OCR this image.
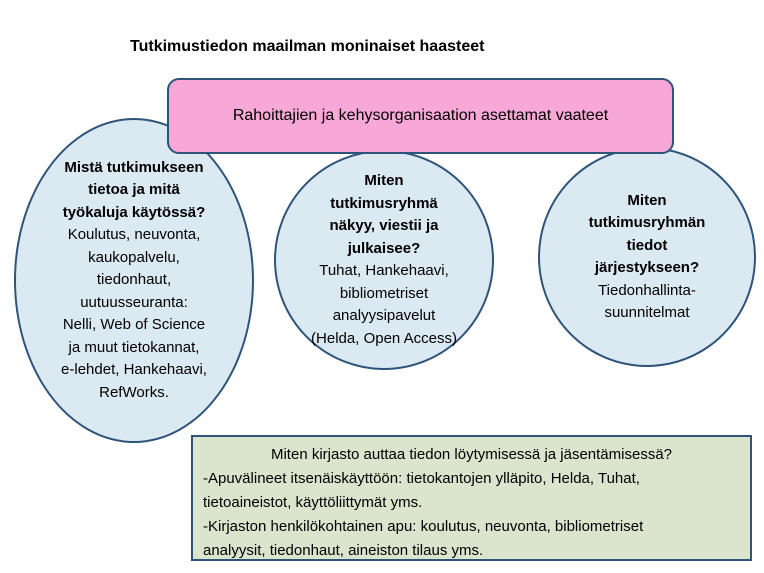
Tutkimustiedon maailman moninaiset haasteet
Mistä tutkimukseen
tietoa ja mitä
työkaluja käytössä?
Koulutus, neuvonta,
kaukopalvelu,
tiedonhaut,
uutuusseuranta:
Nelli, Web of Science
ja muut tietokannat,
e-lehdet, Hankehaavi,
RefWorks.
Miten
tutkimusryhmä
näkyy, viestii ja
julkaisee?
Tuhat, Hankehaavi,
bibliometriset
analyysipavelut
(Helda, Open Access)
Miten
tutkimusryhmän
tiedot
järjestykseen?
Tiedonhallinta-
suunnitelmat
Rahoittajien ja kehysorganisaation asettamat vaateet
Miten kirjasto auttaa tiedon löytymisessä ja jäsentämisessä?
-Apuvälineet itsenäiskäyttöön: tietokantojen ylläpito, Helda, Tuhat,
tietoaineistot, käyttöliittymät yms.
-Kirjaston henkilökohtainen apu: koulutus, neuvonta, bibliometriset
analyysit, tiedonhaut, aineiston tilaus yms.
